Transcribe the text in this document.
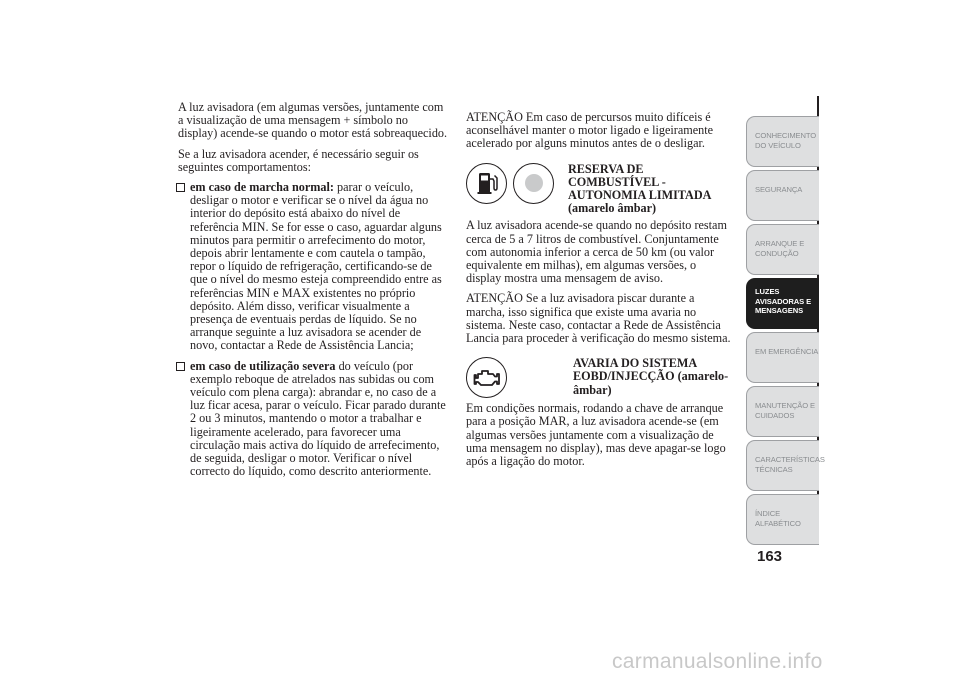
A luz avisadora (em algumas versões, juntamente com a visualização de uma mensagem + símbolo no display) acende-se quando o motor está sobreaquecido.

Se a luz avisadora acender, é necessário seguir os seguintes comportamentos:

em caso de marcha normal: parar o veículo, desligar o motor e verificar se o nível da água no interior do depósito está abaixo do nível de referência MIN. Se for esse o caso, aguardar alguns minutos para permitir o arrefecimento do motor, depois abrir lentamente e com cautela o tampão, repor o líquido de refrigeração, certificando-se de que o nível do mesmo esteja compreendido entre as referências MIN e MAX existentes no próprio depósito. Além disso, verificar visualmente a presença de eventuais perdas de líquido. Se no arranque seguinte a luz avisadora se acender de novo, contactar a Rede de Assistência Lancia;

em caso de utilização severa do veículo (por exemplo reboque de atrelados nas subidas ou com veículo com plena carga): abrandar e, no caso de a luz ficar acesa, parar o veículo. Ficar parado durante 2 ou 3 minutos, mantendo o motor a trabalhar e ligeiramente acelerado, para favorecer uma circulação mais activa do líquido de arrefecimento, de seguida, desligar o motor. Verificar o nível correcto do líquido, como descrito anteriormente.

ATENÇÃO Em caso de percursos muito difíceis é aconselhável manter o motor ligado e ligeiramente acelerado por alguns minutos antes de o desligar.

RESERVA DE COMBUSTÍVEL - AUTONOMIA LIMITADA (amarelo âmbar)

A luz avisadora acende-se quando no depósito restam cerca de 5 a 7 litros de combustível. Conjuntamente com autonomia inferior a cerca de 50 km (ou valor equivalente em milhas), em algumas versões, o display mostra uma mensagem de aviso.

ATENÇÃO Se a luz avisadora piscar durante a marcha, isso significa que existe uma avaria no sistema. Neste caso, contactar a Rede de Assistência Lancia para proceder à verificação do mesmo sistema.

AVARIA DO SISTEMA EOBD/INJECÇÃO (amarelo-âmbar)

Em condições normais, rodando a chave de arranque para a posição MAR, a luz avisadora acende-se (em algumas versões juntamente com a visualização de uma mensagem no display), mas deve apagar-se logo após a ligação do motor.

CONHECIMENTO
DO VEÍCULO
SEGURANÇA
ARRANQUE E
CONDUÇÃO
LUZES
AVISADORAS E
MENSAGENS
EM EMERGÊNCIA
MANUTENÇÃO E
CUIDADOS
CARACTERÍSTICAS
TÉCNICAS
ÍNDICE
ALFABÉTICO
163
carmanualsonline.info
